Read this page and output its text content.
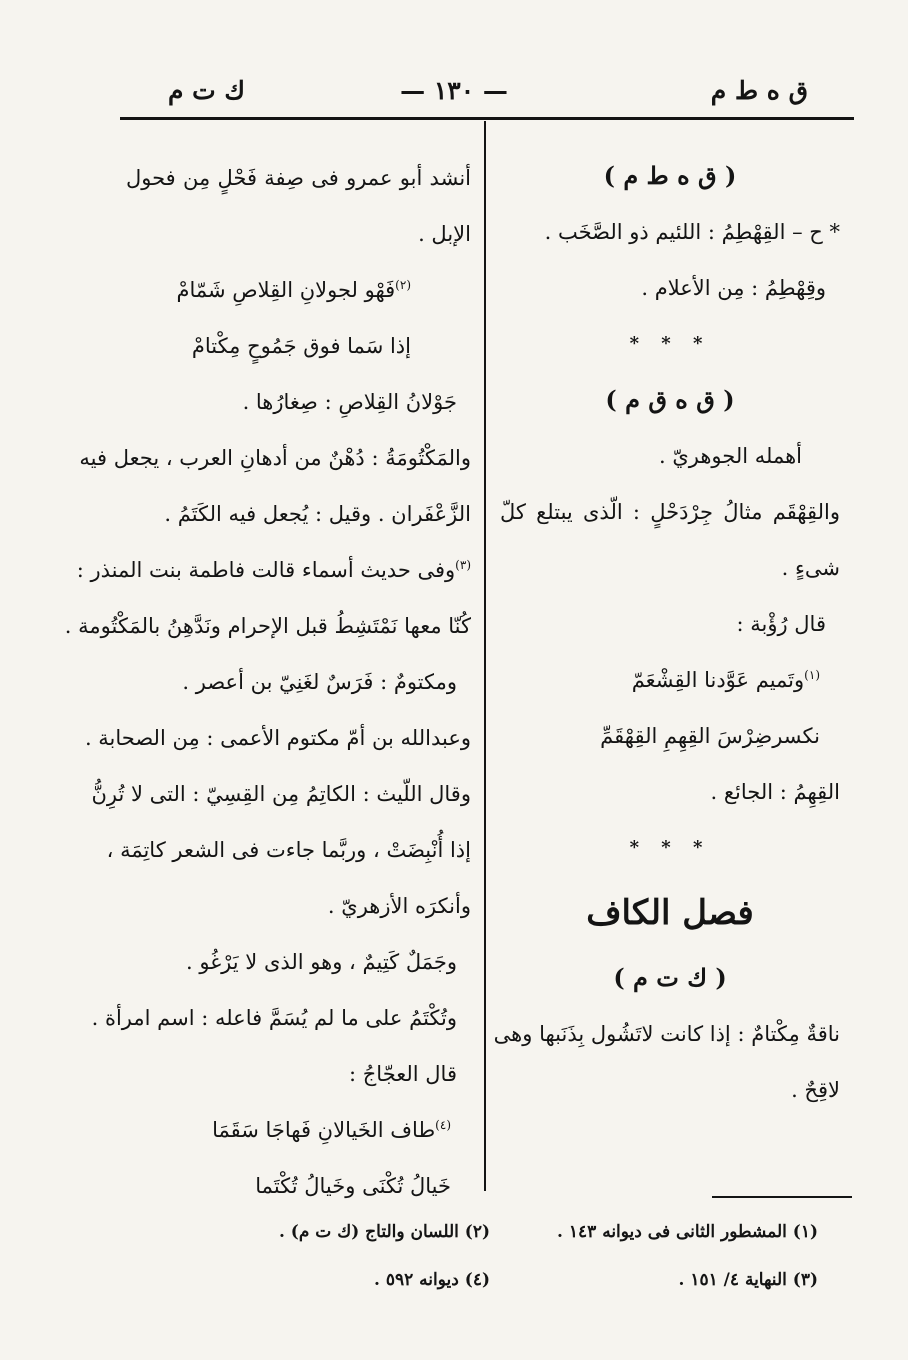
ق ه ط م
— ١٣٠ —
ك ت م
( ق ه ط م )
* ح – القِهْطِمُ : اللئيم ذو الصَّخَب .
وقِهْطِمُ : مِن الأعلام .
* * *
( ق ه ق م )
أهمله الجوهريّ .
والقِهْقَم مثالُ جِرْدَحْلٍ : الّذى يبتلع كلّ
شىءٍ .
قال رُؤْبة :
$^{(١)}$وتَميم عَوَّدنا القِشْعَمّ
نكسرضِرْسَ القِهِمِ القِهْقَمِّ
القِهِمُ : الجائع .
* * *
فصل الكاف
( ك ت م )
ناقةٌ مِكْتامٌ : إذا كانت لاتَشُول بِذَنَبها وهى
لاقِحٌ .
أنشد أبو عمرو فى صِفة فَحْلٍ مِن فحول
الإبل .
$^{(٢)}$فَهْو لجولانِ القِلاصِ شَمّامْ
إذا سَما فوق جَمُوحٍ مِكْتامْ
جَوْلانُ القِلاصِ : صِغارُها .
والمَكْتُومَةُ : دُهْنٌ من أدهانِ العرب ، يجعل فيه
الزَّعْفَران . وقيل : يُجعل فيه الكَتَمُ .
$^{(٣)}$وفى حديث أسماء قالت فاطمة بنت المنذر :
كُنّا معها نَمْتَشِطُ قبل الإحرام ونَدَّهِنُ بالمَكْتُومة .
ومكتومٌ : فَرَسٌ لغَنِيّ بن أعصر .
وعبدالله بن أمّ مكتوم الأعمى : مِن الصحابة .
وقال اللّيث : الكاتِمُ مِن القِسِيّ : التى لا تُرِنُّ
إذا أُنْبِضَتْ ، وربَّما جاءت فى الشعر كاتِمَة ،
وأنكرَه الأزهريّ .
وجَمَلٌ كَتِيمٌ ، وهو الذى لا يَرْغُو .
وتُكْتَمُ على ما لم يُسَمَّ فاعله : اسم امرأة .
قال العجّاجُ :
$^{(٤)}$طاف الخَيالانِ فَهاجَا سَقَمَا
خَيالُ تُكْنَى وخَيالُ تُكْتَما
(١) المشطور الثانى فى ديوانه ١٤٣ .
(٢) اللسان والتاج (ك ت م) .
(٣) النهاية ٤/ ١٥١ .
(٤) ديوانه ٥٩٢ .
